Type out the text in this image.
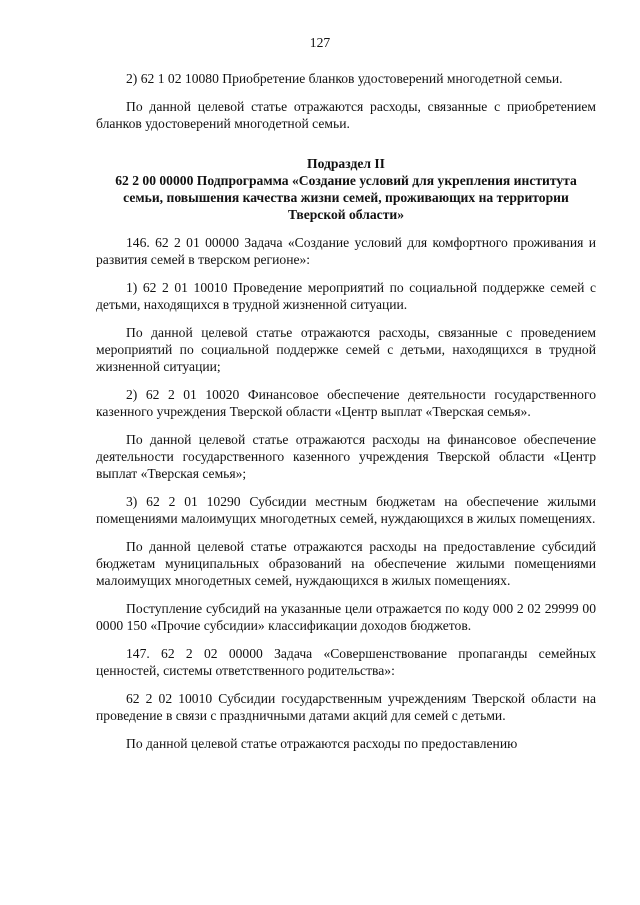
127

2) 62 1 02 10080 Приобретение бланков удостоверений многодетной семьи.

По данной целевой статье отражаются расходы, связанные с приобретением бланков удостоверений многодетной семьи.

Подраздел II

62 2 00 00000 Подпрограмма «Создание условий для укрепления института семьи, повышения качества жизни семей, проживающих на территории Тверской области»

146. 62 2 01 00000 Задача «Создание условий для комфортного проживания и развития семей в тверском регионе»:

1) 62 2 01 10010 Проведение мероприятий по социальной поддержке семей с детьми, находящихся в трудной жизненной ситуации.

По данной целевой статье отражаются расходы, связанные с проведением мероприятий по социальной поддержке семей с детьми, находящихся в трудной жизненной ситуации;

2) 62 2 01 10020 Финансовое обеспечение деятельности государственного казенного учреждения Тверской области «Центр выплат «Тверская семья».

По данной целевой статье отражаются расходы на финансовое обеспечение деятельности государственного казенного учреждения Тверской области «Центр выплат «Тверская семья»;

3) 62 2 01 10290 Субсидии местным бюджетам на обеспечение жилыми помещениями малоимущих многодетных семей, нуждающихся в жилых помещениях.

По данной целевой статье отражаются расходы на предоставление субсидий бюджетам муниципальных образований на обеспечение жилыми помещениями малоимущих многодетных семей, нуждающихся в жилых помещениях.

Поступление субсидий на указанные цели отражается по коду 000 2 02 29999 00 0000 150 «Прочие субсидии» классификации доходов бюджетов.

147. 62 2 02 00000 Задача «Совершенствование пропаганды семейных ценностей, системы ответственного родительства»:

62 2 02 10010 Субсидии государственным учреждениям Тверской области на проведение в связи с праздничными датами акций для семей с детьми.

По данной целевой статье отражаются расходы по предоставлению
